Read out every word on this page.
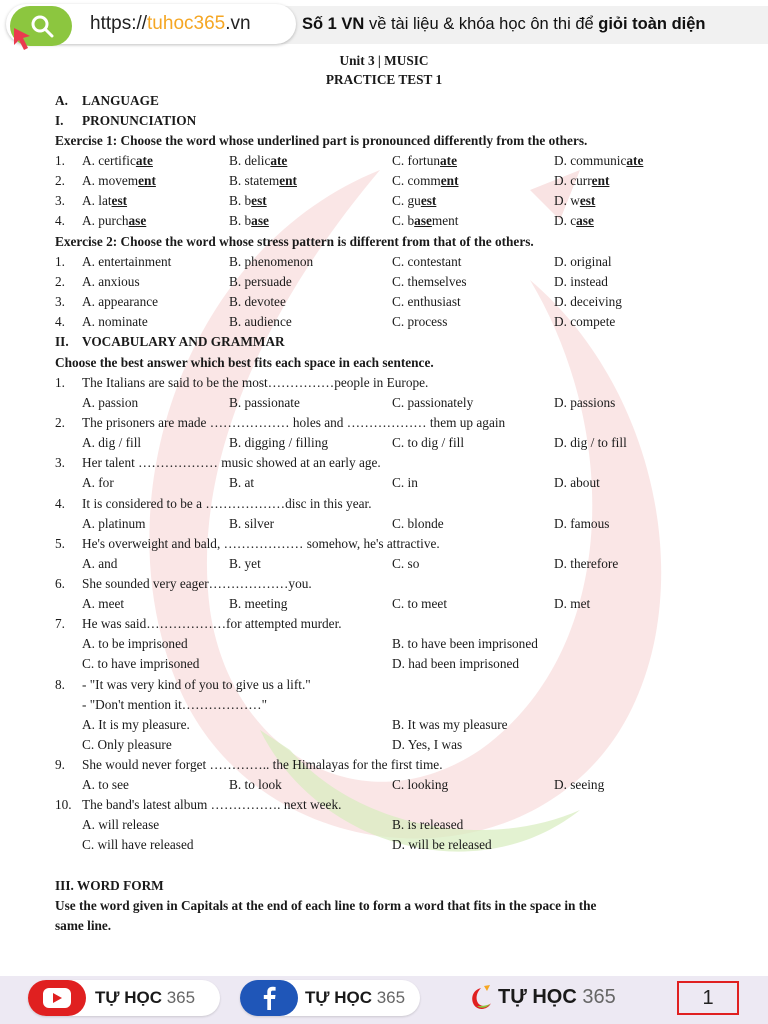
https://tuhoc365.vn	Số 1 VN về tài liệu & khóa học ôn thi để giỏi toàn diện
Unit 3 | MUSIC
PRACTICE TEST 1
A. LANGUAGE
I. PRONUNCIATION
Exercise 1: Choose the word whose underlined part is pronounced differently from the others.
1. A. certificate	B. delicate	C. fortunate	D. communicate
2. A. movement	B. statement	C. comment	D. current
3. A. latest	B. best	C. guest	D. west
4. A. purchase	B. base	C. basement	D. case
Exercise 2: Choose the word whose stress pattern is different from that of the others.
1. A. entertainment	B. phenomenon	C. contestant	D. original
2. A. anxious	B. persuade	C. themselves	D. instead
3. A. appearance	B. devotee	C. enthusiast	D. deceiving
4. A. nominate	B. audience	C. process	D. compete
II. VOCABULARY AND GRAMMAR
Choose the best answer which best fits each space in each sentence.
1. The Italians are said to be the most……………people in Europe.
A. passion	B. passionate	C. passionately	D. passions
2. The prisoners are made ……………… holes and ……………… them up again
A. dig / fill	B. digging / filling	C. to dig / fill	D. dig / to fill
3. Her talent ……………… music showed at an early age.
A. for	B. at	C. in	D. about
4. It is considered to be a ………………disc in this year.
A. platinum	B. silver	C. blonde	D. famous
5. He's overweight and bald, ……………… somehow, he's attractive.
A. and	B. yet	C. so	D. therefore
6. She sounded very eager………………you.
A. meet	B. meeting	C. to meet	D. met
7. He was said………………for attempted murder.
A. to be imprisoned	B. to have been imprisoned
C. to have imprisoned	D. had been imprisoned
8. - "It was very kind of you to give us a lift."
- "Don't mention it………………"
A. It is my pleasure.	B. It was my pleasure
C. Only pleasure	D. Yes, I was
9. She would never forget ………….. the Himalayas for the first time.
A. to see	B. to look	C. looking	D. seeing
10. The band's latest album ……………. next week.
A. will release	B. is released
C. will have released	D. will be released
III. WORD FORM
Use the word given in Capitals at the end of each line to form a word that fits in the space in the
same line.
TỰ HỌC 365	TỰ HỌC 365	TỰ HỌC 365	1
